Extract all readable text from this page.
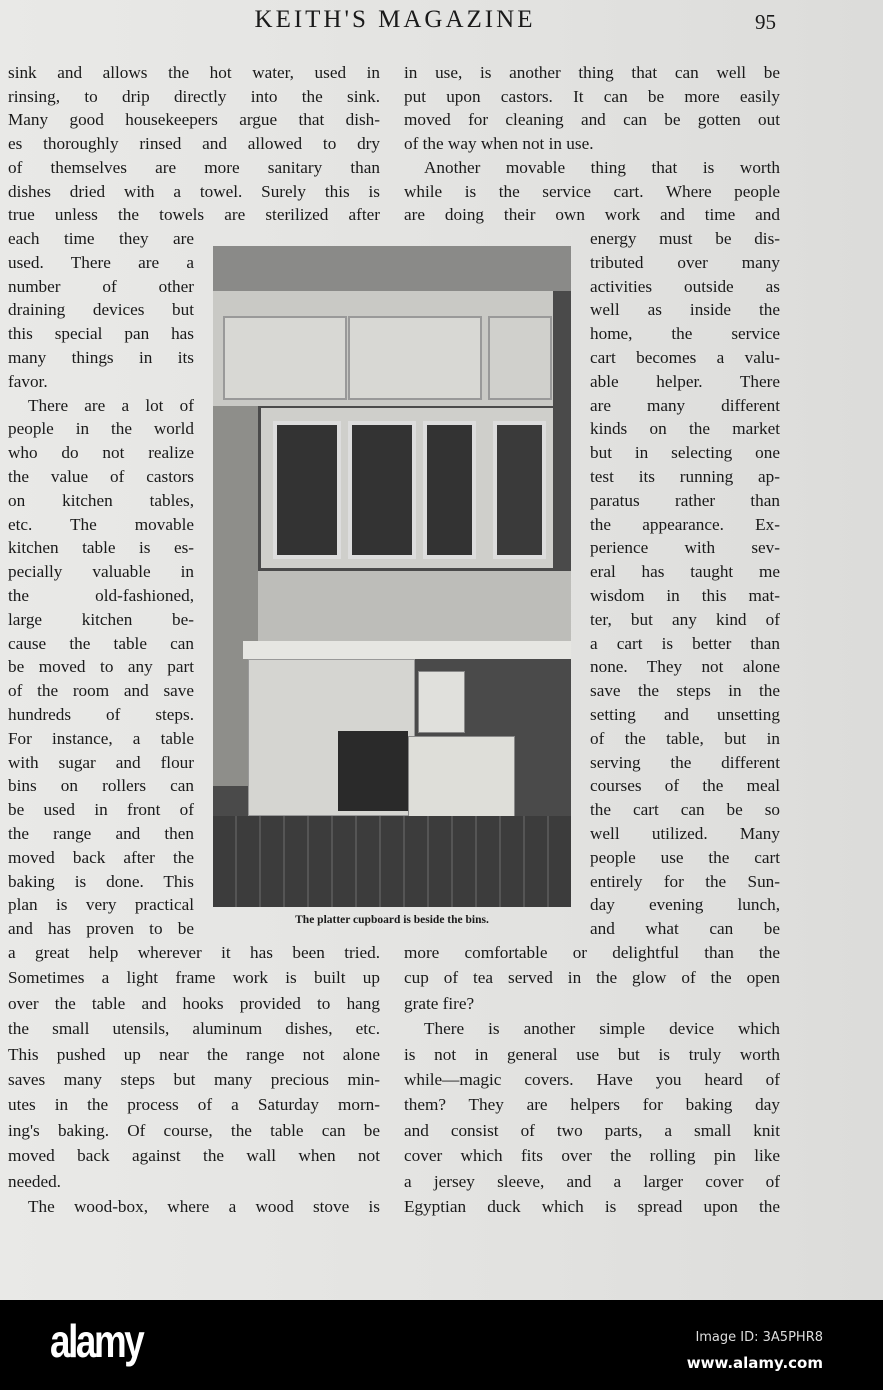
KEITH'S MAGAZINE	95
sink and allows the hot water, used in
rinsing, to drip directly into the sink.
Many good housekeepers argue that dish-
es thoroughly rinsed and allowed to dry
of themselves are more sanitary than
dishes dried with a towel. Surely this is
true unless the towels are sterilized after
each time they are
used. There are a
number of other
draining devices but
this special pan has
many things in its
favor.
There are a lot of
people in the world
who do not realize
the value of castors
on kitchen tables,
etc. The movable
kitchen table is es-
pecially valuable in
the old-fashioned,
large kitchen be-
cause the table can
be moved to any part
of the room and save
hundreds of steps.
For instance, a table
with sugar and flour
bins on rollers can
be used in front of
the range and then
moved back after the
baking is done. This
plan is very practical
and has proven to be
a great help wherever it has been tried.
Sometimes a light frame work is built up
over the table and hooks provided to hang
the small utensils, aluminum dishes, etc.
This pushed up near the range not alone
saves many steps but many precious min-
utes in the process of a Saturday morn-
ing's baking. Of course, the table can be
moved back against the wall when not
needed.
The wood-box, where a wood stove is
in use, is another thing that can well be
put upon castors. It can be more easily
moved for cleaning and can be gotten out
of the way when not in use.
Another movable thing that is worth
while is the service cart. Where people
are doing their own work and time and
energy must be dis-
tributed over many
activities outside as
well as inside the
home, the service
cart becomes a valu-
able helper. There
are many different
kinds on the market
but in selecting one
test its running ap-
paratus rather than
the appearance. Ex-
perience with sev-
eral has taught me
wisdom in this mat-
ter, but any kind of
a cart is better than
none. They not alone
save the steps in the
setting and unsetting
of the table, but in
serving the different
courses of the meal
the cart can be so
well utilized. Many
people use the cart
entirely for the Sun-
day evening lunch,
and what can be
more comfortable or delightful than the
cup of tea served in the glow of the open
grate fire?
There is another simple device which
is not in general use but is truly worth
while—magic covers. Have you heard of
them? They are helpers for baking day
and consist of two parts, a small knit
cover which fits over the rolling pin like
a jersey sleeve, and a larger cover of
Egyptian duck which is spread upon the
The platter cupboard is beside the bins.
alamy	Image ID: 3A5PHR8
www.alamy.com
